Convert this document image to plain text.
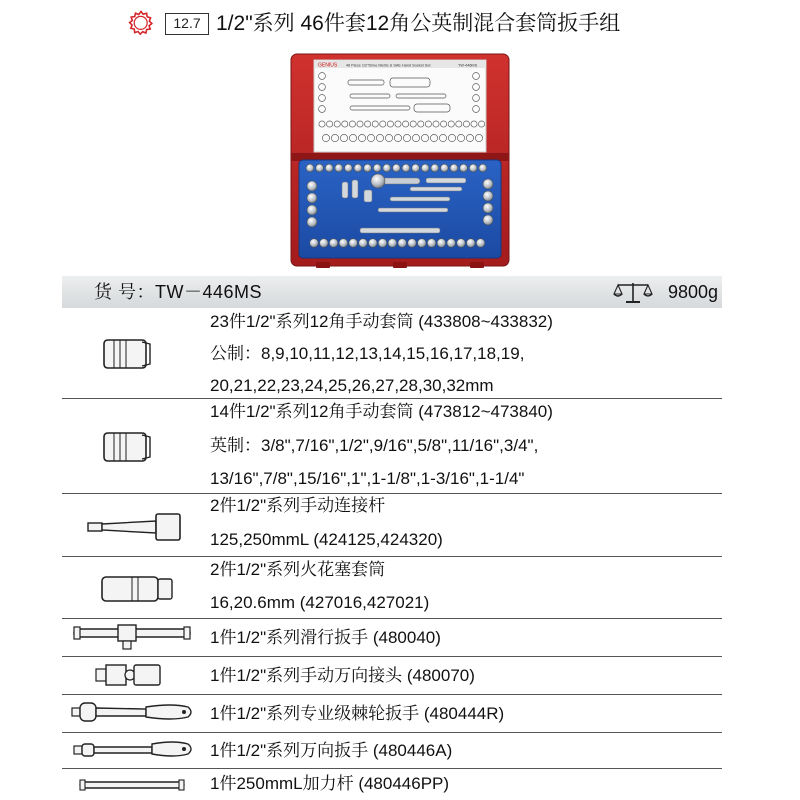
12.7 1/2"系列 46件套12角公英制混合套筒扳手组
GENIUS 46 Piece 1/2"Drive Metric & SAE Hand Socket Set	TW-446MS
货 号：TW－446MS	9800g
23件1/2"系列12角手动套筒 (433808~433832)
公制：8,9,10,11,12,13,14,15,16,17,18,19,
20,21,22,23,24,25,26,27,28,30,32mm
14件1/2"系列12角手动套筒 (473812~473840)
英制：3/8",7/16",1/2",9/16",5/8",11/16",3/4",
13/16",7/8",15/16",1",1-1/8",1-3/16",1-1/4"
2件1/2"系列手动连接杆
125,250mmL (424125,424320)
2件1/2"系列火花塞套筒
16,20.6mm (427016,427021)
1件1/2"系列滑行扳手 (480040)
1件1/2"系列手动万向接头 (480070)
1件1/2"系列专业级棘轮扳手 (480444R)
1件1/2"系列万向扳手 (480446A)
1件250mmL加力杆 (480446PP)
